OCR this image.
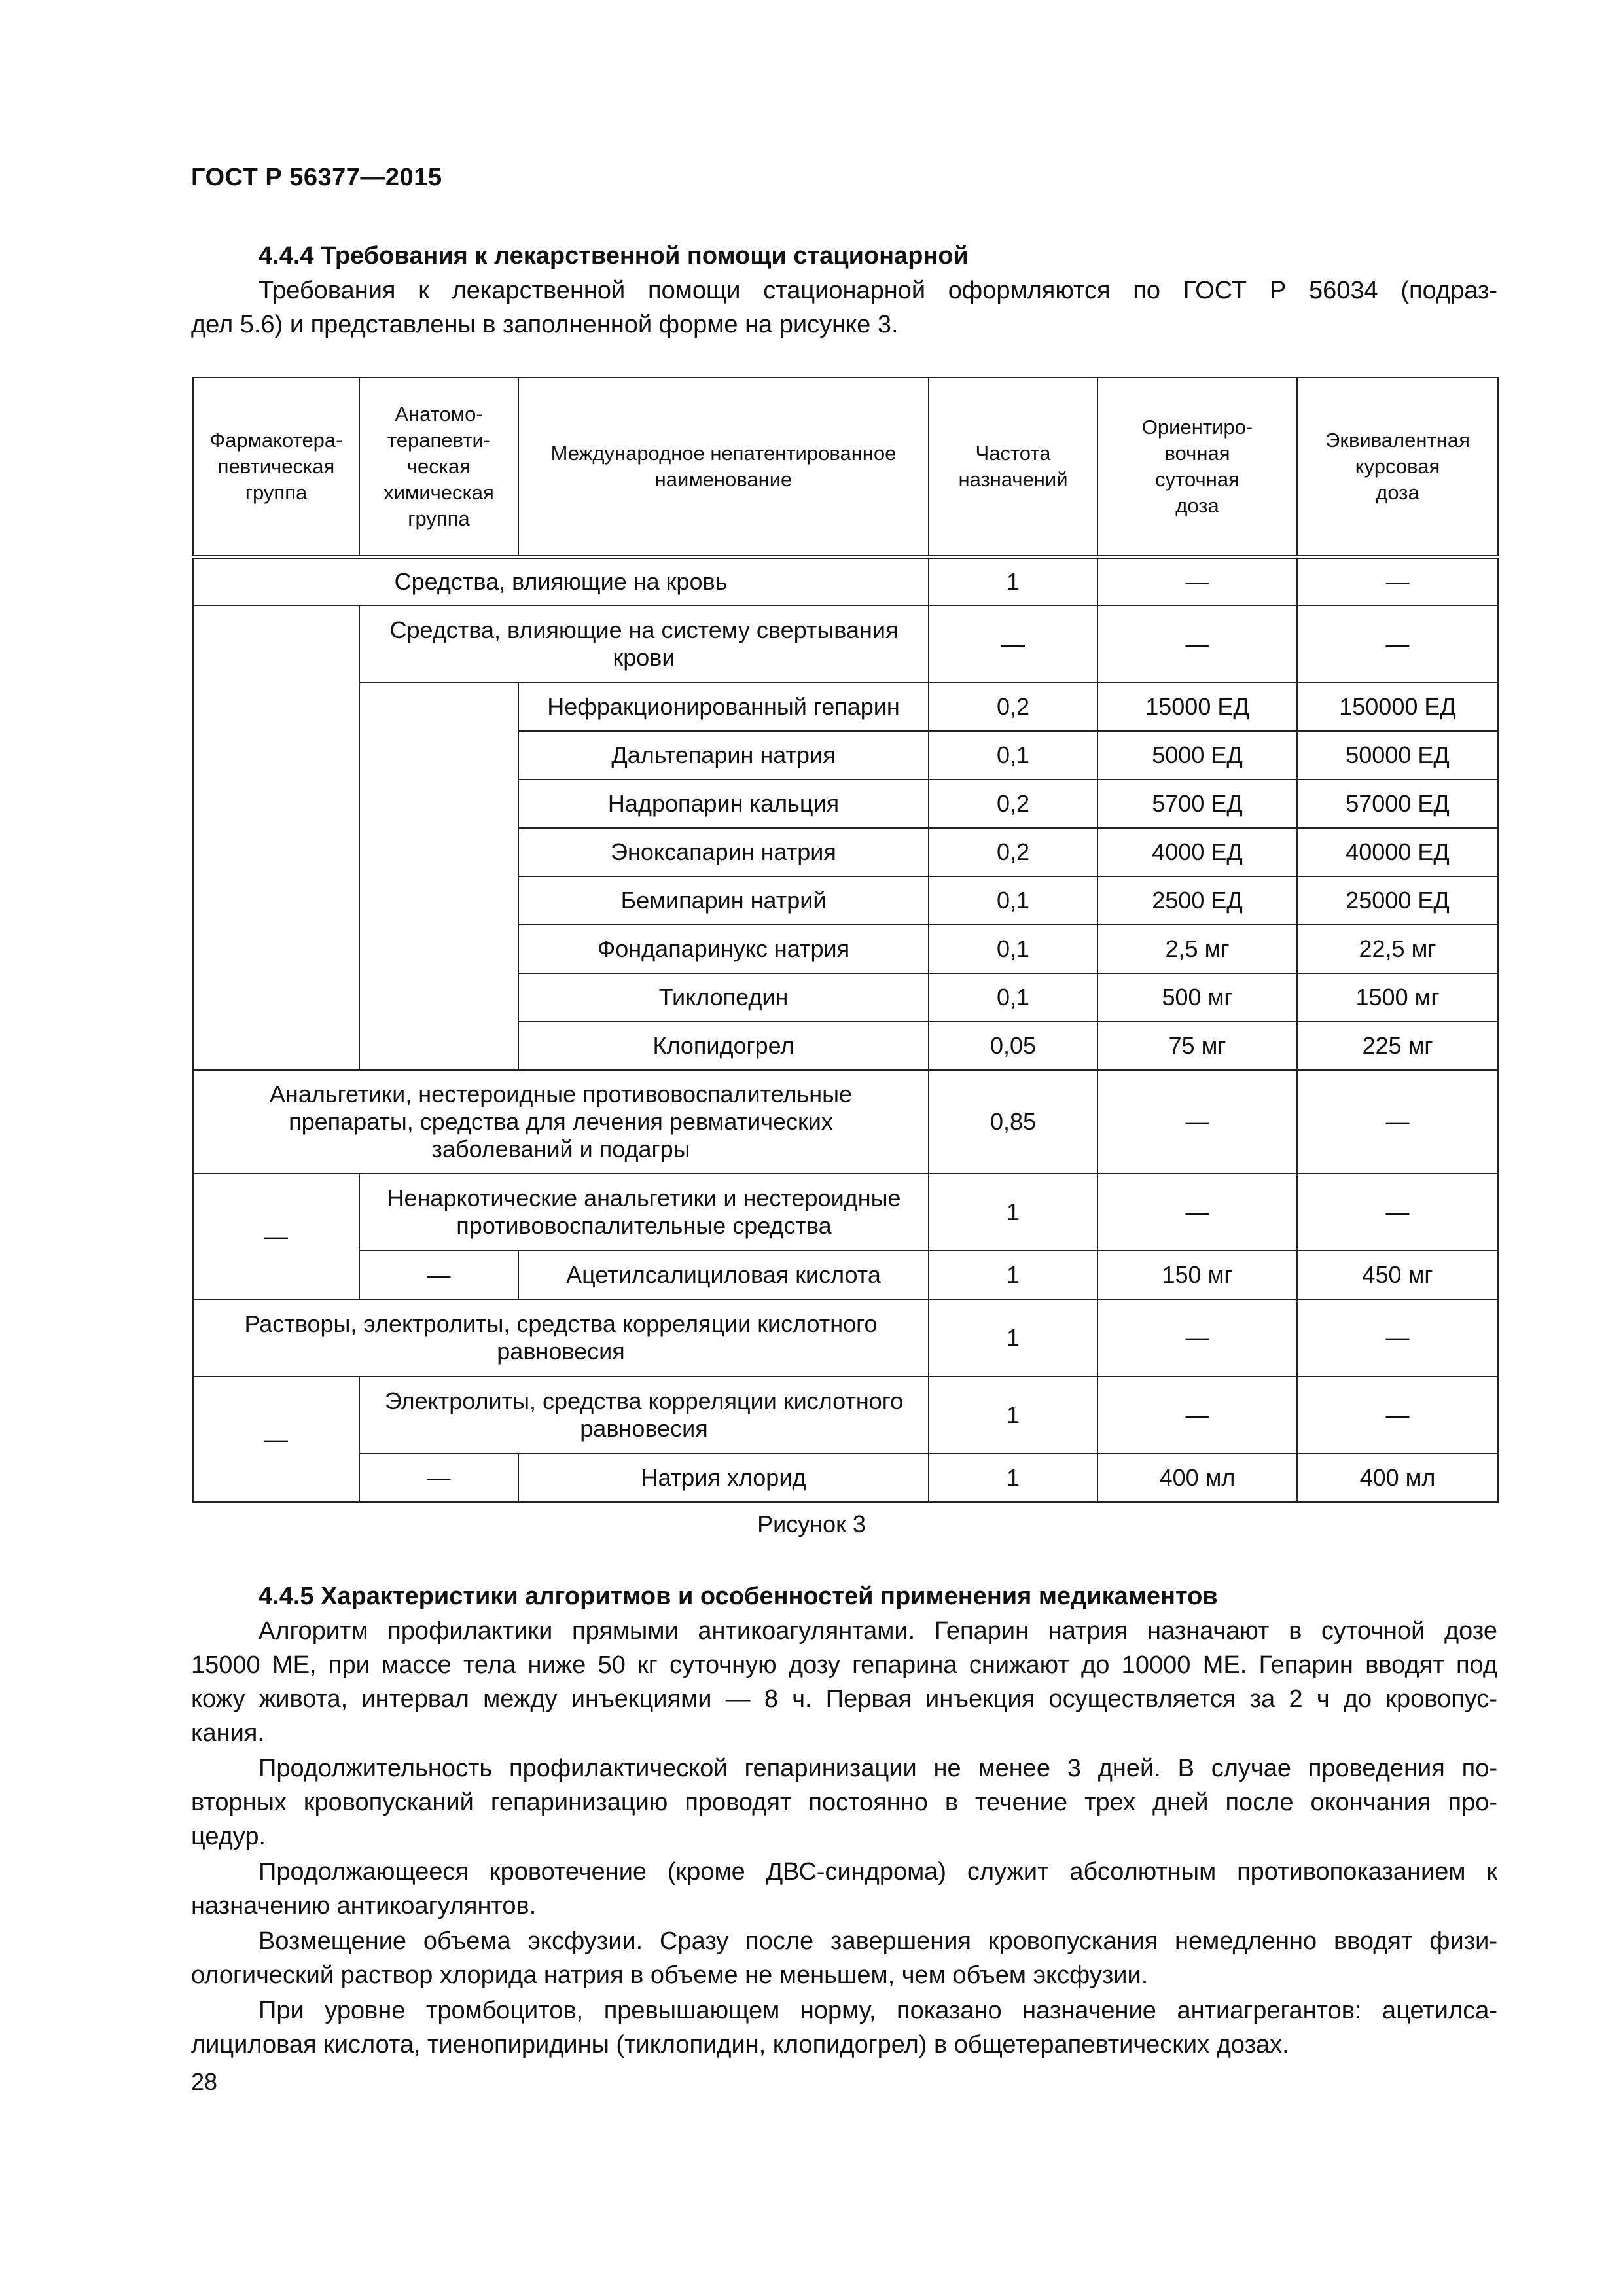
ГОСТ Р 56377—2015
4.4.4 Требования к лекарственной помощи стационарной

Требования к лекарственной помощи стационарной оформляются по ГОСТ Р 56034 (подраз-
дел 5.6) и представлены в заполненной форме на рисунке 3.

Фармакотера-
певтическая
группа	Анатомо-
терапевти-
ческая
химическая
группа	Международное непатентированное
наименование	Частота
назначений	Ориентиро-
вочная
суточная
доза	Эквивалентная
курсовая
доза
Средства, влияющие на кровь			1	—	—
	Средства, влияющие на систему свертывания
крови		—	—	—
		Нефракционированный гепарин	0,2	15000 ЕД	150000 ЕД
		Дальтепарин натрия	0,1	5000 ЕД	50000 ЕД
		Надропарин кальция	0,2	5700 ЕД	57000 ЕД
		Эноксапарин натрия	0,2	4000 ЕД	40000 ЕД
		Бемипарин натрий	0,1	2500 ЕД	25000 ЕД
		Фондапаринукс натрия	0,1	2,5 мг	22,5 мг
		Тиклопедин	0,1	500 мг	1500 мг
		Клопидогрел	0,05	75 мг	225 мг
Анальгетики, нестероидные противовоспалительные
препараты, средства для лечения ревматических
заболеваний и подагры			0,85	—	—
—	Ненаркотические анальгетики и нестероидные
противовоспалительные средства		1	—	—
	—	Ацетилсалициловая кислота	1	150 мг	450 мг
Растворы, электролиты, средства корреляции кислотного
равновесия			1	—	—
—	Электролиты, средства корреляции кислотного
равновесия		1	—	—
	—	Натрия хлорид	1	400 мл	400 мл
Рисунок 3
4.4.5 Характеристики алгоритмов и особенностей применения медикаментов

Алгоритм профилактики прямыми антикоагулянтами. Гепарин натрия назначают в суточной дозе
15000 МЕ, при массе тела ниже 50 кг суточную дозу гепарина снижают до 10000 МЕ. Гепарин вводят под
кожу живота, интервал между инъекциями — 8 ч. Первая инъекция осуществляется за 2 ч до кровопус-
кания.

Продолжительность профилактической гепаринизации не менее 3 дней. В случае проведения по-
вторных кровопусканий гепаринизацию проводят постоянно в течение трех дней после окончания про-
цедур.

Продолжающееся кровотечение (кроме ДВС-синдрома) служит абсолютным противопоказанием к
назначению антикоагулянтов.

Возмещение объема эксфузии. Сразу после завершения кровопускания немедленно вводят физи-
ологический раствор хлорида натрия в объеме не меньшем, чем объем эксфузии.

При уровне тромбоцитов, превышающем норму, показано назначение антиагрегантов: ацетилса-
лициловая кислота, тиенопиридины (тиклопидин, клопидогрел) в общетерапевтических дозах.

28
